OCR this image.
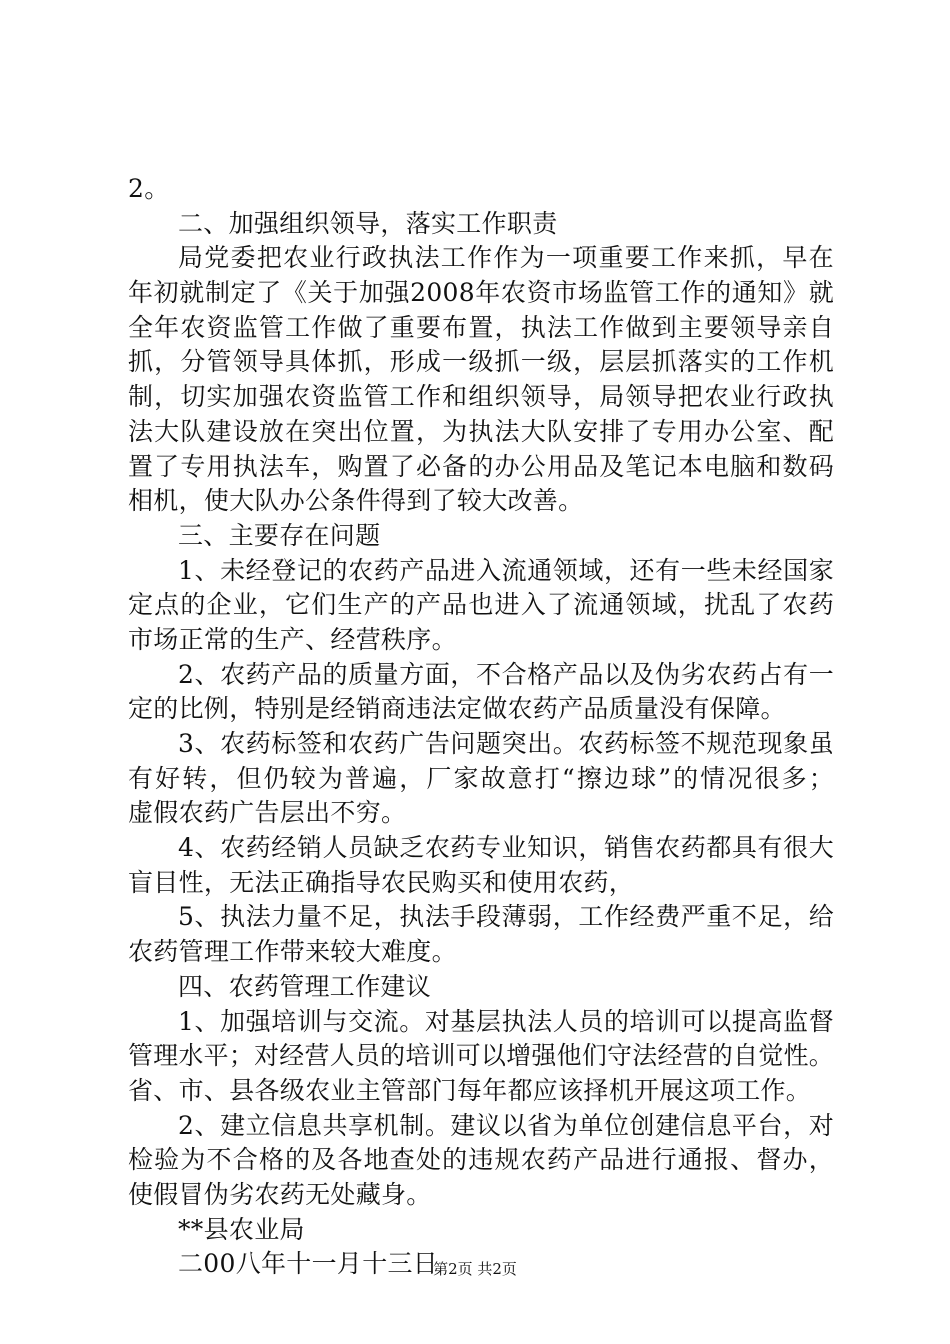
2。
二、加强组织领导，落实工作职责
局党委把农业行政执法工作作为一项重要工作来抓，早在
年初就制定了《关于加强2008年农资市场监管工作的通知》就
全年农资监管工作做了重要布置，执法工作做到主要领导亲自
抓，分管领导具体抓，形成一级抓一级，层层抓落实的工作机
制，切实加强农资监管工作和组织领导，局领导把农业行政执
法大队建设放在突出位置，为执法大队安排了专用办公室、配
置了专用执法车，购置了必备的办公用品及笔记本电脑和数码
相机，使大队办公条件得到了较大改善。
三、主要存在问题
1、未经登记的农药产品进入流通领域，还有一些未经国家
定点的企业，它们生产的产品也进入了流通领域，扰乱了农药
市场正常的生产、经营秩序。
2、农药产品的质量方面，不合格产品以及伪劣农药占有一
定的比例，特别是经销商违法定做农药产品质量没有保障。
3、农药标签和农药广告问题突出。农药标签不规范现象虽
有好转，但仍较为普遍，厂家故意打“擦边球”的情况很多；
虚假农药广告层出不穷。
4、农药经销人员缺乏农药专业知识，销售农药都具有很大
盲目性，无法正确指导农民购买和使用农药，
5、执法力量不足，执法手段薄弱，工作经费严重不足，给
农药管理工作带来较大难度。
四、农药管理工作建议
1、加强培训与交流。对基层执法人员的培训可以提高监督
管理水平；对经营人员的培训可以增强他们守法经营的自觉性。
省、市、县各级农业主管部门每年都应该择机开展这项工作。
2、建立信息共享机制。建议以省为单位创建信息平台，对
检验为不合格的及各地查处的违规农药产品进行通报、督办，
使假冒伪劣农药无处藏身。
**县农业局
二00八年十一月十三日
第2页 共2页
